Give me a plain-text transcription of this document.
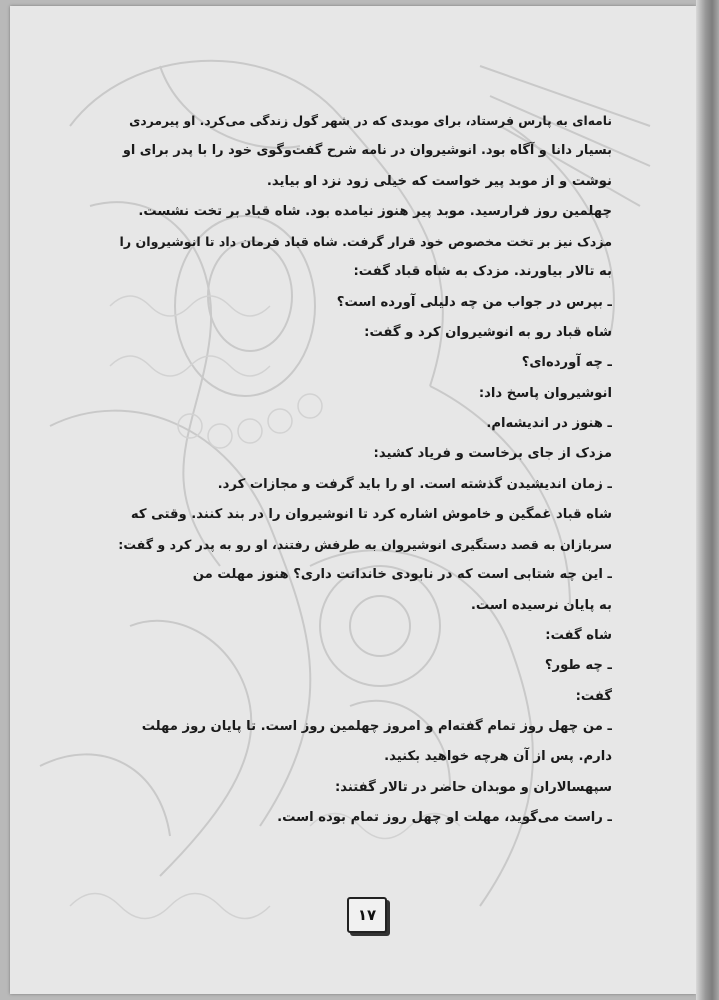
نامه‌ای به پارس فرستاد، برای موبدی که در شهر گول زندگی می‌کرد. او پیرمردی

بسیار دانا و آگاه بود. انوشیروان در نامه شرح گفت‌وگوی خود را با پدر برای او

نوشت و از موبد پیر خواست که خیلی زود نزد او بیاید.

چهلمین روز فرارسید. موبد پیر هنوز نیامده بود. شاه قباد بر تخت نشست.

مزدک نیز بر تخت مخصوص خود قرار گرفت. شاه قباد فرمان داد تا انوشیروان را

به تالار بیاورند. مزدک به شاه قباد گفت:

ـ بپرس در جواب من چه دلیلی آورده است؟

شاه قباد رو به انوشیروان کرد و گفت:

ـ چه آورده‌ای؟

انوشیروان پاسخ داد:

ـ هنوز در اندیشه‌ام.

مزدک از جای برخاست و فریاد کشید:

ـ زمان اندیشیدن گذشته است. او را باید گرفت و مجازات کرد.

شاه قباد غمگین و خاموش اشاره کرد تا انوشیروان را در بند کنند. وقتی که

سربازان به قصد دستگیری انوشیروان به طرفش رفتند، او رو به پدر کرد و گفت:

ـ این چه شتابی است که در نابودی خاندانت داری؟ هنوز مهلت من

به پایان نرسیده است.

شاه گفت:

ـ چه طور؟

گفت:

ـ من چهل روز تمام گفته‌ام و امروز چهلمین روز است. تا پایان روز مهلت

دارم. پس از آن هرچه خواهید بکنید.

سپهسالاران و موبدان حاضر در تالار گفتند:

ـ راست می‌گوید، مهلت او چهل روز تمام بوده است.

۱۷
